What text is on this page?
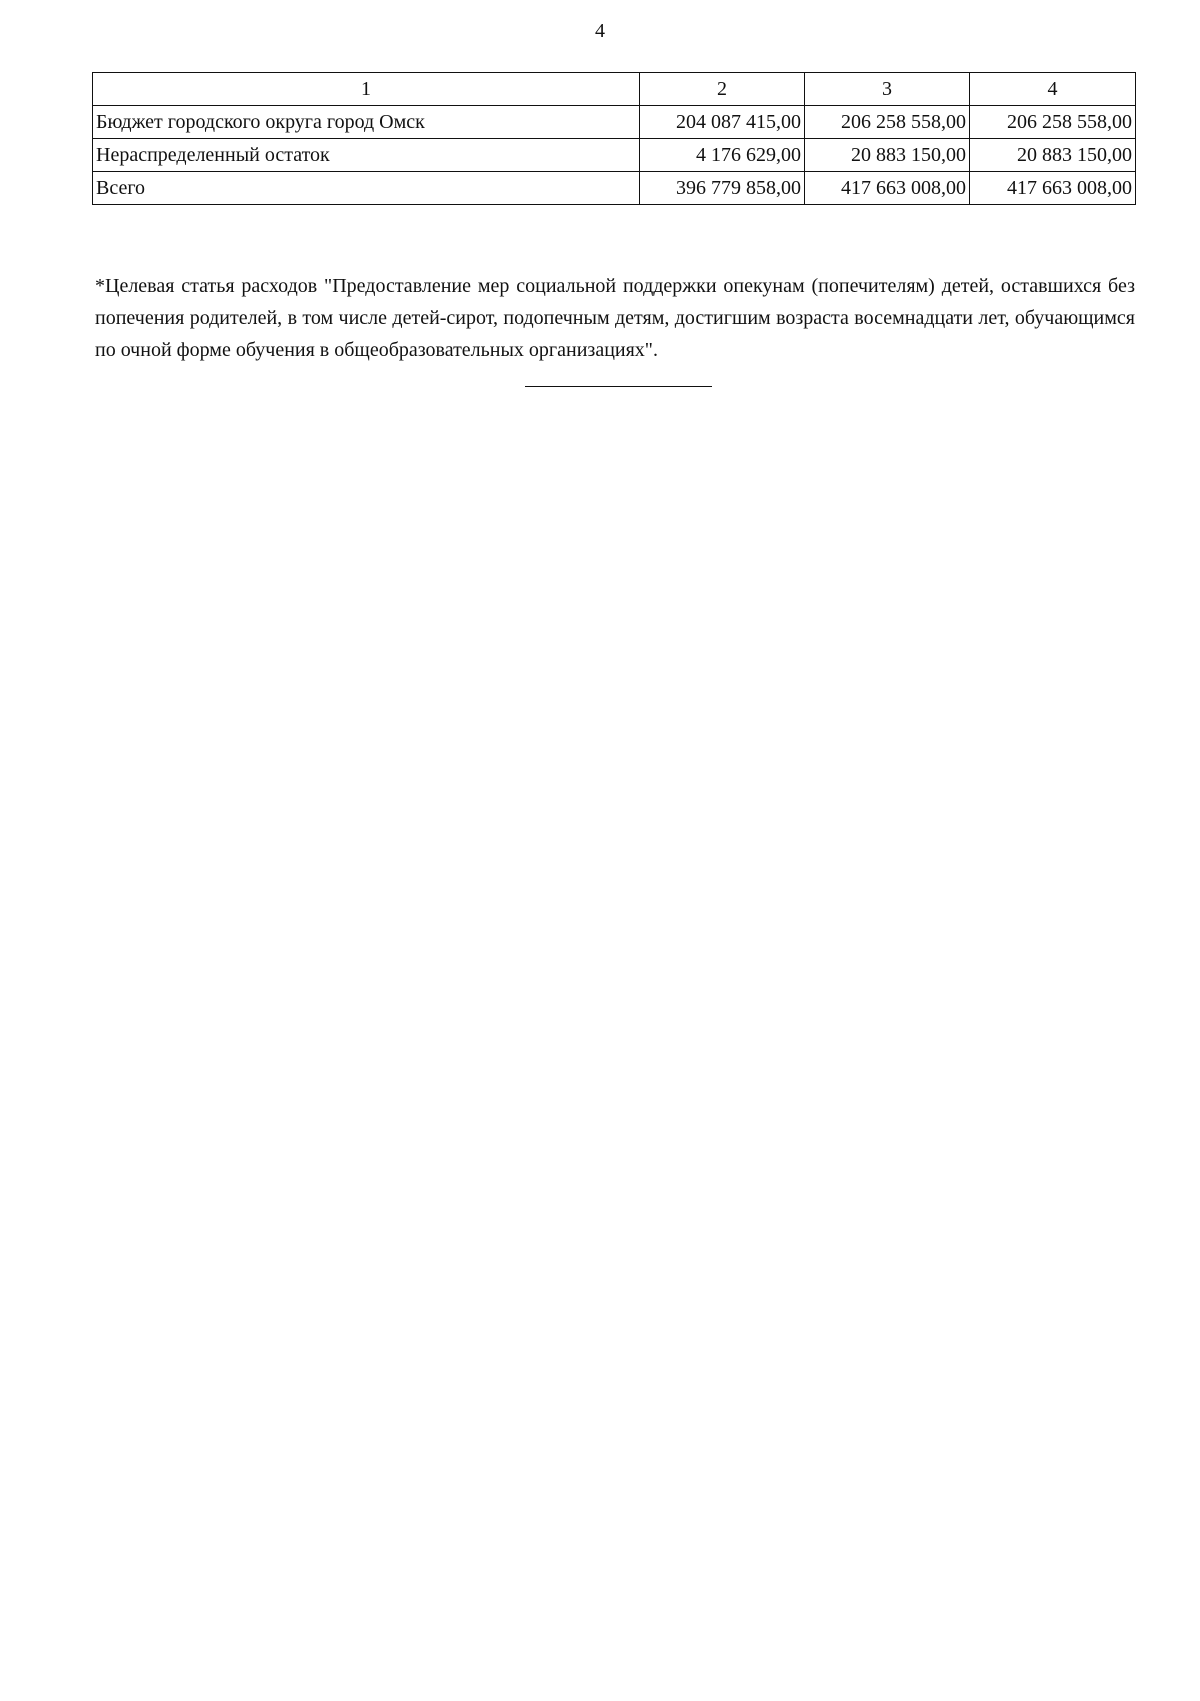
4
1	2	3	4
Бюджет городского округа город Омск	204 087 415,00	206 258 558,00	206 258 558,00
Нераспределенный остаток	4 176 629,00	20 883 150,00	20 883 150,00
Всего	396 779 858,00	417 663 008,00	417 663 008,00

*Целевая статья расходов "Предоставление мер социальной поддержки опекунам (попечителям) детей, оставшихся без попечения родителей, в том числе детей-сирот, подопечным детям, достигшим возраста восемнадцати лет, обучающимся по очной форме обучения в общеобразовательных организациях".
